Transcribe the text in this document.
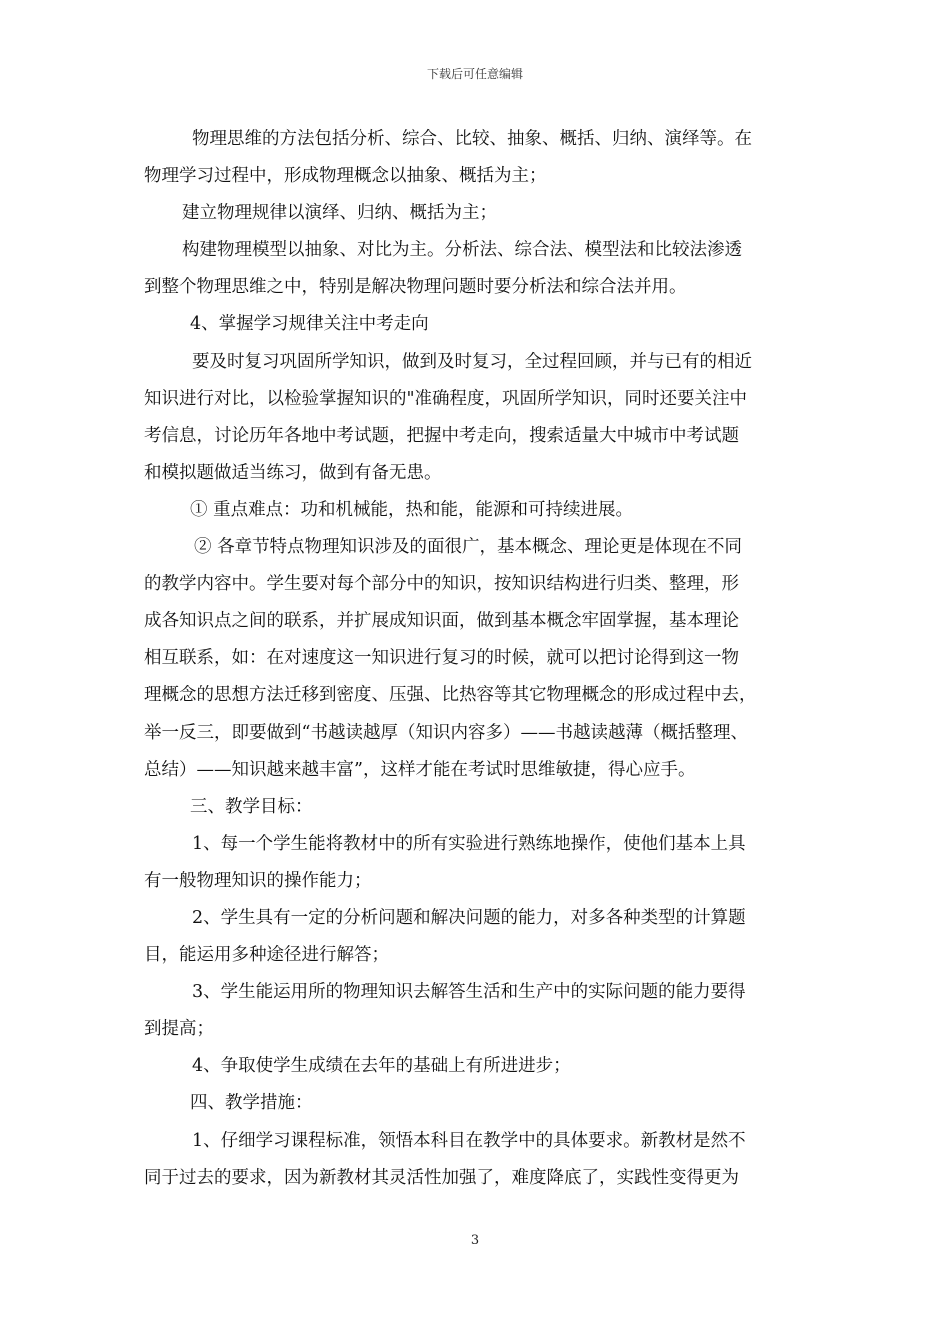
下载后可任意编辑
物理思维的方法包括分析、综合、比较、抽象、概括、归纳、演绎等。在
物理学习过程中，形成物理概念以抽象、概括为主；
建立物理规律以演绎、归纳、概括为主；
构建物理模型以抽象、对比为主。分析法、综合法、模型法和比较法渗透
到整个物理思维之中，特别是解决物理问题时要分析法和综合法并用。
4、掌握学习规律关注中考走向
要及时复习巩固所学知识，做到及时复习，全过程回顾，并与已有的相近
知识进行对比，以检验掌握知识的"准确程度，巩固所学知识，同时还要关注中
考信息，讨论历年各地中考试题，把握中考走向，搜索适量大中城市中考试题
和模拟题做适当练习，做到有备无患。
① 重点难点：功和机械能，热和能，能源和可持续进展。
② 各章节特点物理知识涉及的面很广，基本概念、理论更是体现在不同
的教学内容中。学生要对每个部分中的知识，按知识结构进行归类、整理，形
成各知识点之间的联系，并扩展成知识面，做到基本概念牢固掌握，基本理论
相互联系，如：在对速度这一知识进行复习的时候，就可以把讨论得到这一物
理概念的思想方法迁移到密度、压强、比热容等其它物理概念的形成过程中去，
举一反三，即要做到“书越读越厚（知识内容多）——书越读越薄（概括整理、
总结）——知识越来越丰富”，这样才能在考试时思维敏捷，得心应手。
三、教学目标：
1、每一个学生能将教材中的所有实验进行熟练地操作，使他们基本上具
有一般物理知识的操作能力；
2、学生具有一定的分析问题和解决问题的能力，对多各种类型的计算题
目，能运用多种途径进行解答；
3、学生能运用所的物理知识去解答生活和生产中的实际问题的能力要得
到提高；
4、争取使学生成绩在去年的基础上有所进进步；
四、教学措施：
1、仔细学习课程标准，领悟本科目在教学中的具体要求。新教材是然不
同于过去的要求，因为新教材其灵活性加强了，难度降底了，实践性变得更为
3
